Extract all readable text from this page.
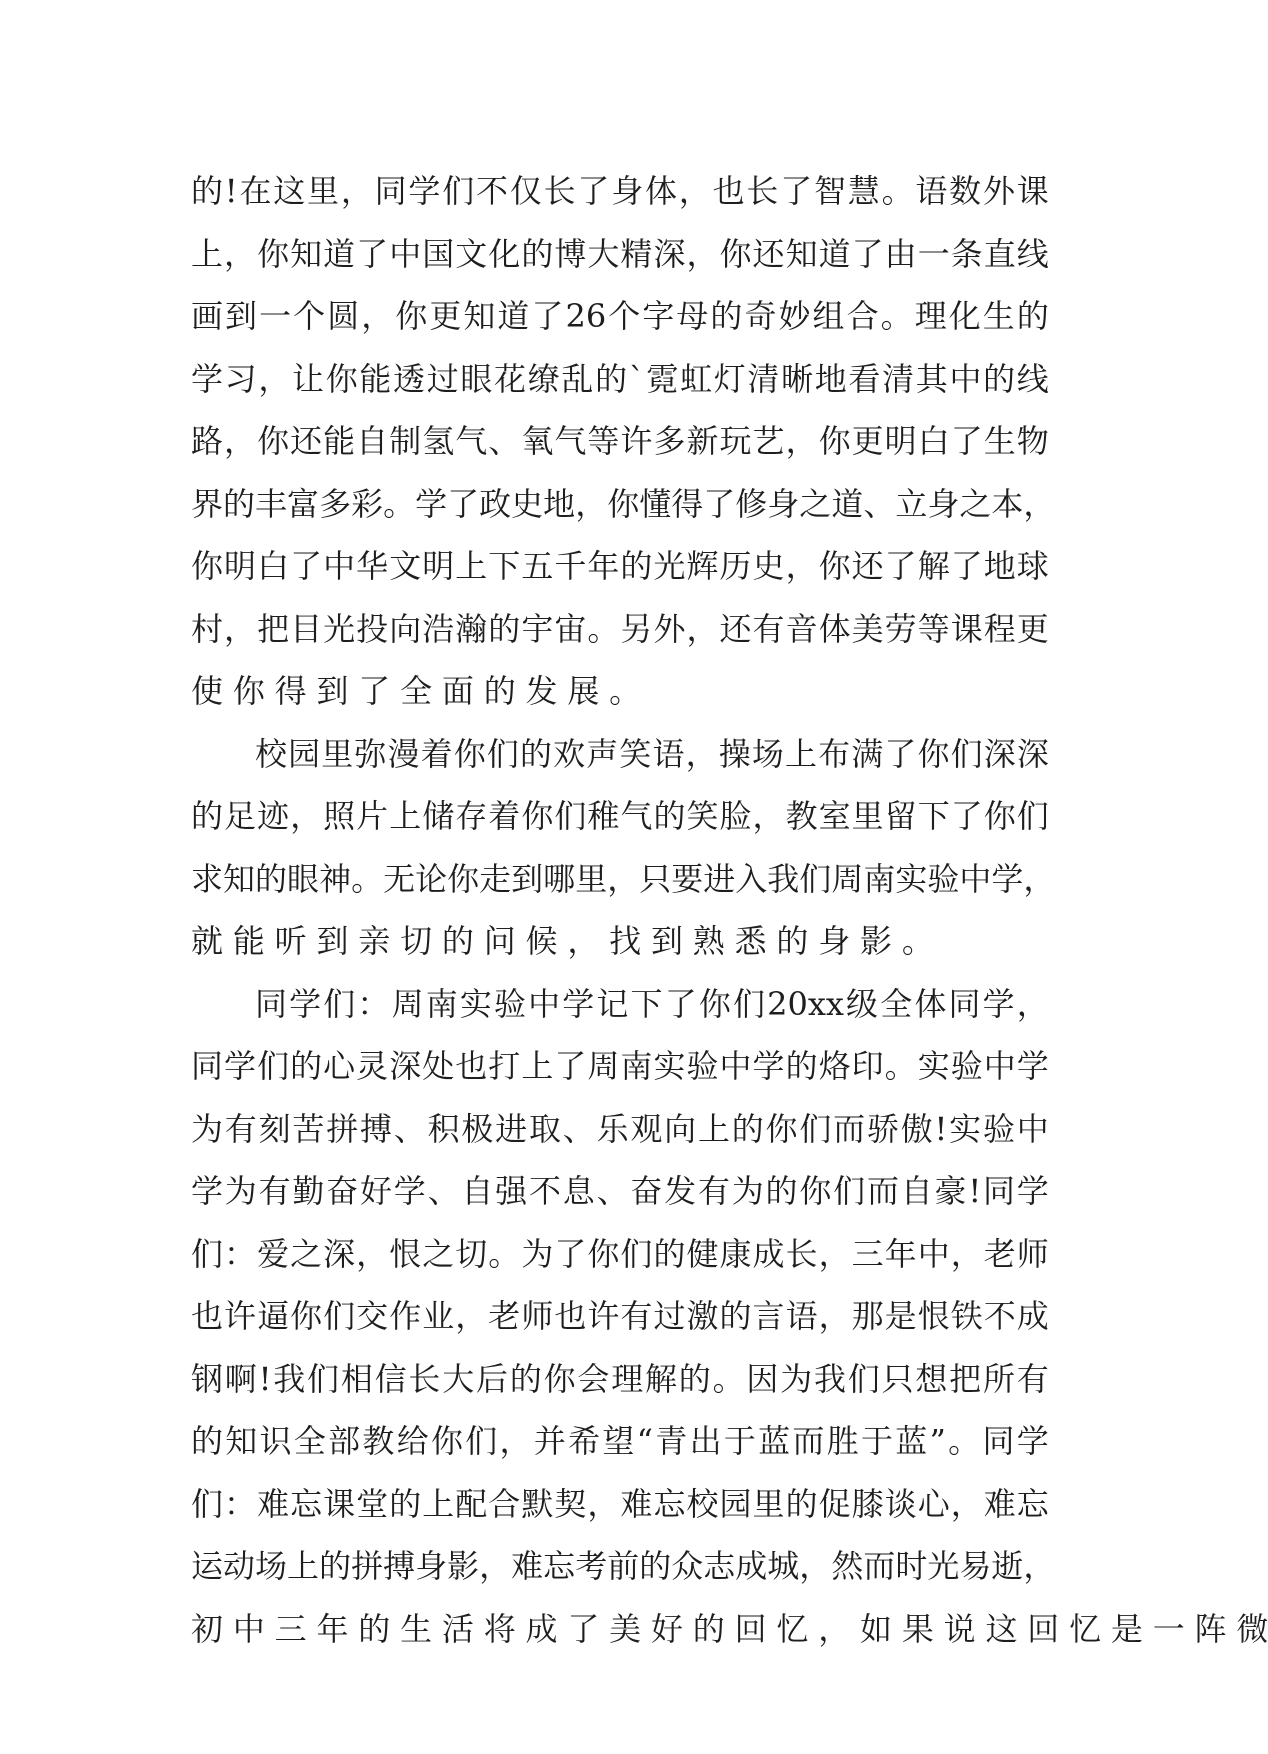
的 ! 在 这 里 ， 同 学 们 不 仅 长 了 身 体 ， 也 长 了 智 慧 。 语 数 外 课
上 ， 你 知 道 了 中 国 文 化 的 博 大 精 深 ， 你 还 知 道 了 由 一 条 直 线
画 到 一 个 圆 ， 你 更 知 道 了 26 个 字 母 的 奇 妙 组 合 。 理 化 生 的
学 习 ， 让 你 能 透 过 眼 花 缭 乱 的 ` 霓 虹 灯 清 晰 地 看 清 其 中 的 线
路 ， 你 还 能 自 制 氢 气 、 氧 气 等 许 多 新 玩 艺 ， 你 更 明 白 了 生 物
界 的 丰 富 多 彩 。 学 了 政 史 地 ， 你 懂 得 了 修 身 之 道 、 立 身 之 本 ，
你 明 白 了 中 华 文 明 上 下 五 千 年 的 光 辉 历 史 ， 你 还 了 解 了 地 球
村 ， 把 目 光 投 向 浩 瀚 的 宇 宙 。 另 外 ， 还 有 音 体 美 劳 等 课 程 更
使 你 得 到 了 全 面 的 发 展 。
校 园 里 弥 漫 着 你 们 的 欢 声 笑 语 ， 操 场 上 布 满 了 你 们 深 深
的 足 迹 ， 照 片 上 储 存 着 你 们 稚 气 的 笑 脸 ， 教 室 里 留 下 了 你 们
求 知 的 眼 神 。 无 论 你 走 到 哪 里 ， 只 要 进 入 我 们 周 南 实 验 中 学 ，
就 能 听 到 亲 切 的 问 候 ， 找 到 熟 悉 的 身 影 。
同 学 们 ： 周 南 实 验 中 学 记 下 了 你 们 20xx 级 全 体 同 学 ，
同 学 们 的 心 灵 深 处 也 打 上 了 周 南 实 验 中 学 的 烙 印 。 实 验 中 学
为 有 刻 苦 拼 搏 、 积 极 进 取 、 乐 观 向 上 的 你 们 而 骄 傲 ! 实 验 中
学 为 有 勤 奋 好 学 、 自 强 不 息 、 奋 发 有 为 的 你 们 而 自 豪 ! 同 学
们 ： 爱 之 深 ， 恨 之 切 。 为 了 你 们 的 健 康 成 长 ， 三 年 中 ， 老 师
也 许 逼 你 们 交 作 业 ， 老 师 也 许 有 过 激 的 言 语 ， 那 是 恨 铁 不 成
钢 啊 ! 我 们 相 信 长 大 后 的 你 会 理 解 的 。 因 为 我 们 只 想 把 所 有
的 知 识 全 部 教 给 你 们 ， 并 希 望 “ 青 出 于 蓝 而 胜 于 蓝 ” 。 同 学
们 ： 难 忘 课 堂 的 上 配 合 默 契 ， 难 忘 校 园 里 的 促 膝 谈 心 ， 难 忘
运 动 场 上 的 拼 搏 身 影 ， 难 忘 考 前 的 众 志 成 城 ， 然 而 时 光 易 逝 ，
初 中 三 年 的 生 活 将 成 了 美 好 的 回 忆 ， 如 果 说 这 回 忆 是 一 阵 微
